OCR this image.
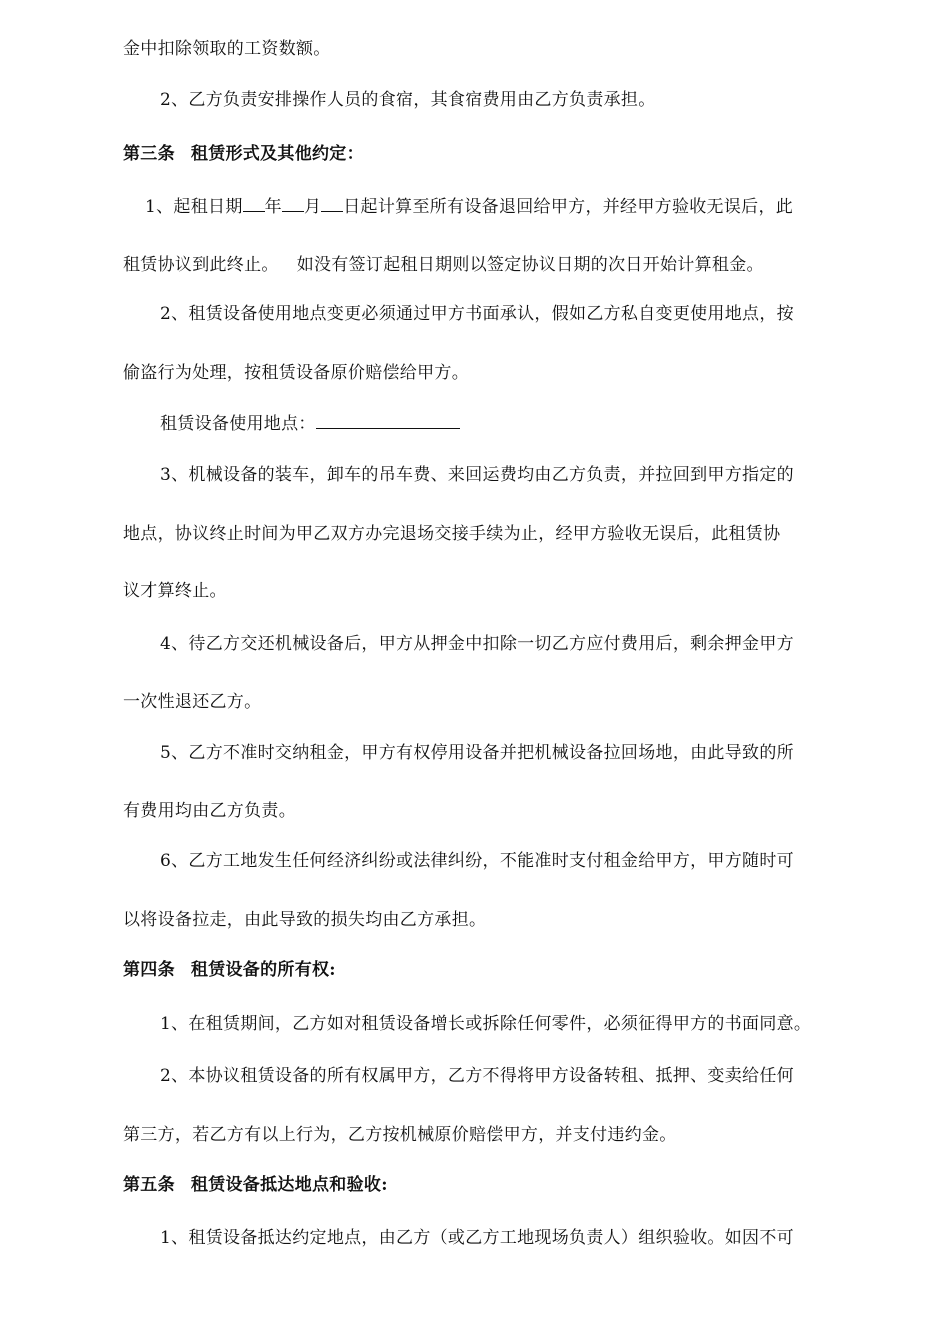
金中扣除领取的工资数额。
2、乙方负责安排操作人员的食宿，其食宿费用由乙方负责承担。
第三条 租赁形式及其他约定：
1、起租日期 年 月 日起计算至所有设备退回给甲方，并经甲方验收无误后，此
租赁协议到此终止。 如没有签订起租日期则以签定协议日期的次日开始计算租金。
2、租赁设备使用地点变更必须通过甲方书面承认，假如乙方私自变更使用地点，按
偷盗行为处理，按租赁设备原价赔偿给甲方。
租赁设备使用地点：
3、机械设备的装车，卸车的吊车费、来回运费均由乙方负责，并拉回到甲方指定的
地点，协议终止时间为甲乙双方办完退场交接手续为止，经甲方验收无误后，此租赁协
议才算终止。
4、待乙方交还机械设备后，甲方从押金中扣除一切乙方应付费用后，剩余押金甲方
一次性退还乙方。
5、乙方不准时交纳租金，甲方有权停用设备并把机械设备拉回场地，由此导致的所
有费用均由乙方负责。
6、乙方工地发生任何经济纠纷或法律纠纷，不能准时支付租金给甲方，甲方随时可
以将设备拉走，由此导致的损失均由乙方承担。
第四条 租赁设备的所有权:
1、在租赁期间，乙方如对租赁设备增长或拆除任何零件，必须征得甲方的书面同意。
2、本协议租赁设备的所有权属甲方，乙方不得将甲方设备转租、抵押、变卖给任何
第三方，若乙方有以上行为，乙方按机械原价赔偿甲方，并支付违约金。
第五条 租赁设备抵达地点和验收:
1、租赁设备抵达约定地点，由乙方（或乙方工地现场负责人）组织验收。如因不可
